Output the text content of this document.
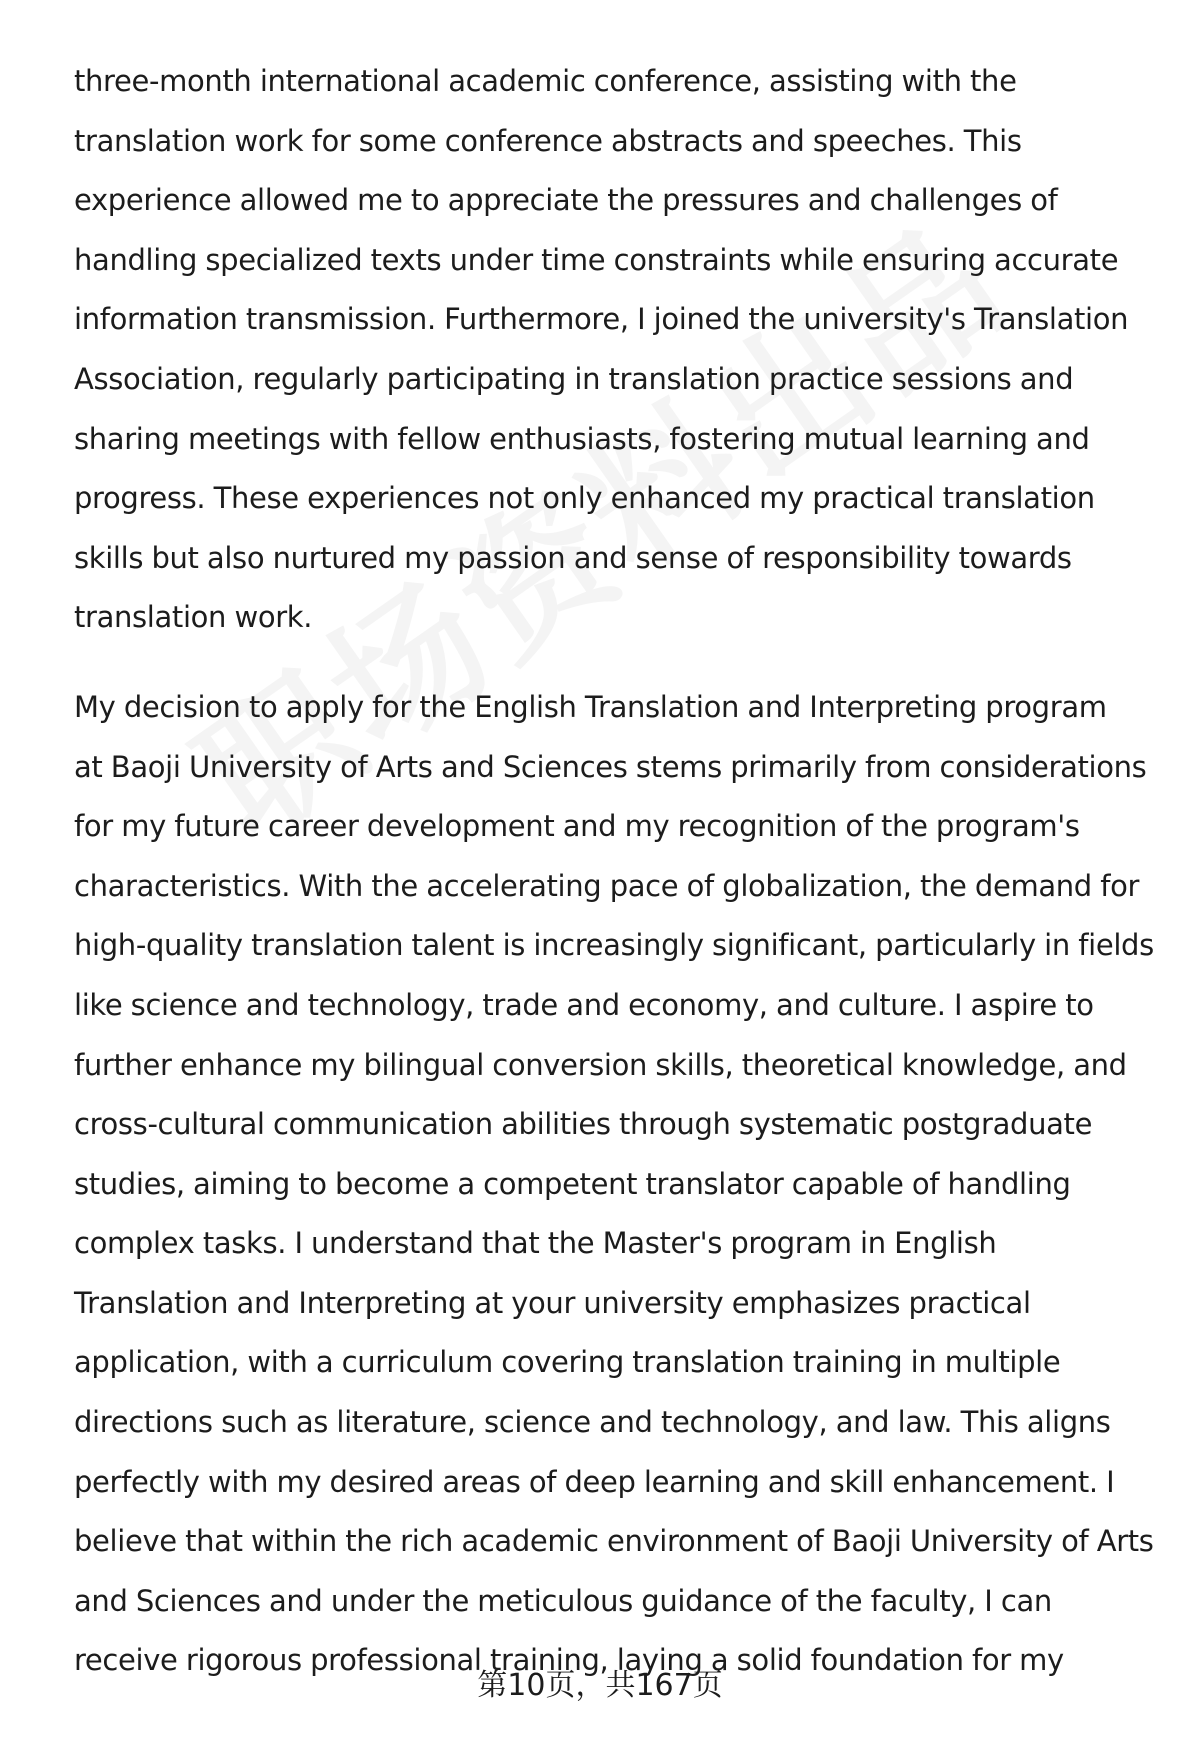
three-month international academic conference, assisting with the
translation work for some conference abstracts and speeches. This
experience allowed me to appreciate the pressures and challenges of
handling specialized texts under time constraints while ensuring accurate
information transmission. Furthermore, I joined the university's Translation
Association, regularly participating in translation practice sessions and
sharing meetings with fellow enthusiasts, fostering mutual learning and
progress. These experiences not only enhanced my practical translation
skills but also nurtured my passion and sense of responsibility towards
translation work.

My decision to apply for the English Translation and Interpreting program
at Baoji University of Arts and Sciences stems primarily from considerations
for my future career development and my recognition of the program's
characteristics. With the accelerating pace of globalization, the demand for
high-quality translation talent is increasingly significant, particularly in fields
like science and technology, trade and economy, and culture. I aspire to
further enhance my bilingual conversion skills, theoretical knowledge, and
cross-cultural communication abilities through systematic postgraduate
studies, aiming to become a competent translator capable of handling
complex tasks. I understand that the Master's program in English
Translation and Interpreting at your university emphasizes practical
application, with a curriculum covering translation training in multiple
directions such as literature, science and technology, and law. This aligns
perfectly with my desired areas of deep learning and skill enhancement. I
believe that within the rich academic environment of Baoji University of Arts
and Sciences and under the meticulous guidance of the faculty, I can
receive rigorous professional training, laying a solid foundation for my

第10页，共167页
